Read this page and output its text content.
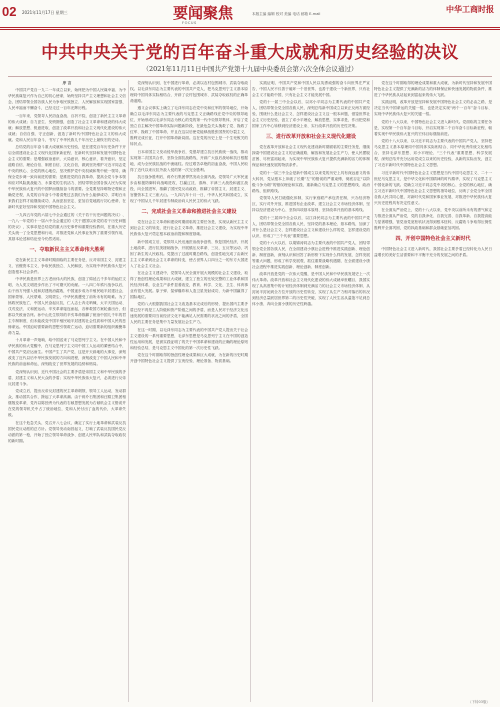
02 2021年11月17日 星期三	要闻聚焦
FOCUS
本版主编 编辑 校对 美编 电话 邮箱 E-mail	中华工商时报
中共中央关于党的百年奋斗重大成就和历史经验的决议
（2021年11月11日中国共产党第十九届中央委员会第六次全体会议通过）

序 言

中国共产党自一九二一年成立以来，始终把为中国人民谋幸福、为中华民族谋复兴作为自己的初心使命，始终坚持共产主义理想和社会主义信念，团结带领全国各族人民为争取民族独立、人民解放和实现国家富强、人民幸福而不懈奋斗，已经走过一百年光辉历程。

一百年来，党领导人民浴血奋战、百折不挠，创造了新民主主义革命的伟大成就；自力更生、发愤图强，创造了社会主义革命和建设的伟大成就；解放思想、锐意进取，创造了改革开放和社会主义现代化建设的伟大成就；自信自强、守正创新，创造了新时代中国特色社会主义的伟大成就。党和人民百年奋斗，书写了中华民族几千年历史上最恢宏的史诗。

总结党的百年奋斗重大成就和历史经验，是在建党百年历史条件下开启全面建设社会主义现代化国家新征程、在新时代坚持和发展中国特色社会主义的需要；是增强政治意识、大局意识、核心意识、看齐意识，坚定道路自信、理论自信、制度自信、文化自信，做到坚决维护习近平同志党中央的核心、全党的核心地位，坚决维护党中央权威和集中统一领导，确保全党步调一致向前进的需要；是推进党的自我革命、提高全党斗争本领和应对风险挑战能力、永葆党的生机活力、团结带领全国各族人民为实现中华民族伟大复兴的中国梦而继续奋斗的需要。全党要坚持唯物史观和正确党史观，从党的百年奋斗中看清楚过去我们为什么能够成功、弄明白未来我们怎样才能继续成功，从而更加坚定、更加自觉地践行初心使命，在新时代更好坚持和发展中国特色社会主义。

一九四五年党的六届七中全会通过的《关于若干历史问题的决议》、一九八一年党的十一届六中全会通过的《关于建国以来党的若干历史问题的决议》，实事求是总结党的重大历史事件和重要经验教训，在重大历史关头统一了全党思想和行动，对推进党和人民事业发挥了重要引领作用，其基本论述和结论至今仍然适用。

一、夺取新民主主义革命伟大胜利

党在新民主主义革命时期面临的主要任务是，反对帝国主义、封建主义、官僚资本主义，争取民族独立、人民解放，为实现中华民族伟大复兴创造根本社会条件。

中华民族是世界上古老而伟大的民族，创造了绵延五千多年的灿烂文明，为人类文明进步作出了不可磨灭的贡献。一八四〇年鸦片战争以后，由于西方列强入侵和封建统治腐败，中国逐步成为半殖民地半封建社会，国家蒙辱、人民蒙难、文明蒙尘，中华民族遭受了前所未有的劫难。为了拯救民族危亡，中国人民奋起反抗，仁人志士奔走呐喊，太平天国运动、戊戌变法、义和团运动、辛亥革命接连而起，各种救国方案轮番出台，但都以失败而告终。孙中山先生领导的辛亥革命推翻了统治中国几千年的君主专制制度，但未能改变中国半殖民地半封建的社会性质和中国人民的悲惨命运。中国迫切需要新的思想引领救亡运动，迫切需要新的组织凝聚革命力量。

十月革命一声炮响，给中国送来了马克思列宁主义。在中国人民和中华民族的伟大觉醒中，在马克思列宁主义同中国工人运动的紧密结合中，中国共产党应运而生。中国产生了共产党，这是开天辟地的大事变，深刻改变了近代以后中华民族发展的方向和进程，深刻改变了中国人民和中华民族的前途和命运，深刻改变了世界发展的趋势和格局。

党深刻认识到，近代中国社会的主要矛盾是帝国主义和中华民族的矛盾、封建主义和人民大众的矛盾；实现中华民族伟大复兴，必须进行反帝反封建斗争。

党成立后，提出反帝反封建的民主革命纲领，领导工人运动，发动群众，推动国共合作，掀起了大革命高潮。由于蒋介石集团和汪精卫集团相继叛变革命，党内以陈独秀为代表的右倾思想发展为右倾机会主义错误并在党的领导机关中占了统治地位，党和人民付出了血的代价，大革命失败。

在这个危急关头，党召开八七会议，确定了实行土地革命和武装反抗国民党反动派的总方针。党领导发动南昌起义，打响了武装反抗国民党反动派的第一枪，开始了独立领导革命战争、创建人民军队和武装夺取政权的新时期。

党深刻认识到，在中国进行革命，必须以农村包围城市、武装夺取政权。以毛泽东同志为主要代表的中国共产党人，把马克思列宁主义基本原理同中国具体实际相结合，开辟了农村包围城市、武装夺取政权的正确革命道路。

遵义会议事实上确立了毛泽东同志在党中央和红军的领导地位，开始确立以毛泽东同志为主要代表的马克思主义正确路线在党中央的领导地位，开始形成以毛泽东同志为核心的党的第一代中央领导集体，开启了党独立自主解决中国革命实际问题新阶段，在最危急关头挽救了党、挽救了红军、挽救了中国革命，并且在这以后使党能够战胜张国焘的分裂主义，胜利完成长征，打开中国革命新局面。这在党的历史上是一个生死攸关的转折点。

日本帝国主义发动侵华战争后，党倡导建立抗日民族统一战线，推动实现第二次国共合作，坚持全面抗战路线，开辟广大敌后战场和抗日根据地，成为全民族抗战的中流砥柱。经过艰苦卓绝的浴血奋战，中国人民取得了近代以来反抗外敌入侵的第一次完全胜利。

抗日战争胜利后，蒋介石集团悍然发动全面内战。党领导广大军民逐步由积极防御转向战略进攻，打赢辽沈、淮海、平津三大战役和渡江战役，向全国进军，推翻了国民党反动政府，推翻了帝国主义、封建主义、官僚资本主义三座大山。一九四九年十月一日，中华人民共和国成立，实现了中国从几千年封建专制政治向人民民主的伟大飞跃。

二、完成社会主义革命和推进社会主义建设

党在社会主义革命和建设时期面临的主要任务是，实现从新民主主义到社会主义的转变，进行社会主义革命，推进社会主义建设，为实现中华民族伟大复兴奠定根本政治前提和制度基础。

新中国成立后，党领导人民迅速医治战争创伤、恢复国民经济，开展土地改革，进行抗美援朝战争，开展镇压反革命、三反、五反等运动，巩固了新生的人民政权。党提出了过渡时期总路线，创造性地完成了由新民主主义革命到社会主义革命的转变，使占世界人口四分之一的东方大国进入了社会主义社会。

在社会主义建设中，党领导人民全面开展大规模的社会主义建设，取得了独创性理论成果和巨大成就，建立了独立的比较完整的工业体系和国民经济体系，农业生产条件显著改变，教育、科学、文化、卫生、体育事业有很大发展。原子弹、氢弹爆炸和人造卫星发射成功，为新中国赢得了国际地位。

党的八大根据我国社会主义改造基本完成后的形势，提出国内主要矛盾已经不再是工人阶级和资产阶级之间的矛盾，而是人民对于经济文化迅速发展的需要同当前经济文化不能满足人民需要的状况之间的矛盾，全国人民的主要任务是集中力量发展社会生产力。

在这一时期，以毛泽东同志为主要代表的中国共产党人提出关于社会主义建设的一系列重要思想，毛泽东思想是马克思列宁主义在中国的创造性运用和发展，是被实践证明了的关于中国革命和建设的正确的理论原则和经验总结，是马克思主义中国化的第一次历史性飞跃。

党在这个时期取得的独创性理论成果和巨大成就，为在新的历史时期开创中国特色社会主义提供了宝贵经验、理论准备、物质基础。

实践证明，中国共产党和中国人民以英勇顽强的奋斗向世界庄严宣告，中国人民不仅善于破坏一个旧世界，也善于建设一个新世界，只有社会主义才能救中国，只有社会主义才能发展中国。

党的十一届三中全会以后，以邓小平同志为主要代表的中国共产党人，团结带领全党全国各族人民，深刻总结新中国成立以来正反两方面经验，围绕什么是社会主义、怎样建设社会主义这一根本问题，借鉴世界社会主义历史经验，创立了邓小平理论，解放思想，实事求是，作出把党和国家工作中心转移到经济建设上来、实行改革开放的历史性决策。

三、进行改革开放和社会主义现代化建设

党在改革开放和社会主义现代化建设新时期面临的主要任务是，继续探索中国建设社会主义的正确道路，解放和发展社会生产力，使人民摆脱贫困、尽快富裕起来，为实现中华民族伟大复兴提供充满新的活力的体制保证和快速发展的物质条件。

党的十一届三中全会是新中国成立以来党的历史上具有深远意义的伟大转折，党从根本上冲破了长期“左”的错误的严重束缚，彻底否定“以阶级斗争为纲”的错误理论和实践，重新确立马克思主义的思想路线、政治路线、组织路线。

党领导人民打破僵化体制，实行家庭联产承包责任制，兴办经济特区，实行对外开放，推进国有企业改革，建立社会主义市场经济体制，坚持以经济建设为中心、坚持四项基本原则、坚持改革开放的基本路线。

党的十三届四中全会以后，以江泽民同志为主要代表的中国共产党人，团结带领全党全国各族人民，坚持党的基本理论、基本路线，加深了对什么是社会主义、怎样建设社会主义和建设什么样的党、怎样建设党的认识，形成了“三个代表”重要思想。

党的十六大以后，以胡锦涛同志为主要代表的中国共产党人，团结带领全党全国各族人民，在全面建设小康社会进程中推进实践创新、理论创新、制度创新，深刻认识和回答了新形势下实现什么样的发展、怎样发展等重大问题，形成了科学发展观，抓住重要战略机遇期，在全面建设小康社会进程中推进实践创新、理论创新、制度创新。

改革开放是党的一次伟大觉醒，是中国人民和中华民族发展史上一次伟大革命。改革开放和社会主义现代化建设的伟大成就举世瞩目，我国实现了从高度集中的计划经济体制到充满活力的社会主义市场经济体制、从封闭半封闭到全方位开放的历史性转变，实现了从生产力相对落后的状况到经济总量跃居世界第二的历史性突破，实现了人民生活从温饱不足到总体小康、奔向全面小康的历史性跨越。

党在这个时期取得的理论成果和重大成就，为新时代坚持和发展中国特色社会主义提供了充满新的活力的体制保证和快速发展的物质条件，推进了中华民族从站起来到富起来的伟大飞跃。

实践证明，改革开放是坚持和发展中国特色社会主义的必由之路，是决定当代中国命运的关键一招，也是决定实现“两个一百年”奋斗目标、实现中华民族伟大复兴的关键一招。

党的十八大以来，中国特色社会主义进入新时代。党面临的主要任务是，实现第一个百年奋斗目标，开启实现第二个百年奋斗目标新征程，朝着实现中华民族伟大复兴的宏伟目标继续前进。

党的十八大以来，以习近平同志为主要代表的中国共产党人，坚持把马克思主义基本原理同中国具体实际相结合、同中华优秀传统文化相结合，坚持毛泽东思想、邓小平理论、“三个代表”重要思想、科学发展观，深刻总结并充分运用党成立以来的历史经验，从新的实际出发，创立了习近平新时代中国特色社会主义思想。

习近平新时代中国特色社会主义思想是当代中国马克思主义、二十一世纪马克思主义，是中华文化和中国精神的时代精华，实现了马克思主义中国化新的飞跃。党确立习近平同志党中央的核心、全党的核心地位，确立习近平新时代中国特色社会主义思想的指导地位，反映了全党全军全国各族人民共同心愿，对新时代党和国家事业发展、对推进中华民族伟大复兴历史进程具有决定性意义。

在全面从严治党上，党的十八大以来，党中央以前所未有的勇气和定力推进全面从严治党，党的自我净化、自我完善、自我革新、自我提高能力显著增强，管党治党宽松软状况得到根本扭转，反腐败斗争取得压倒性胜利并全面巩固，党的执政基础和群众基础更加巩固。

四、开创中国特色社会主义新时代

中国特色社会主义进入新时代，我国社会主要矛盾已经转化为人民日益增长的美好生活需要和不平衡不充分的发展之间的矛盾。

（下转03版）
